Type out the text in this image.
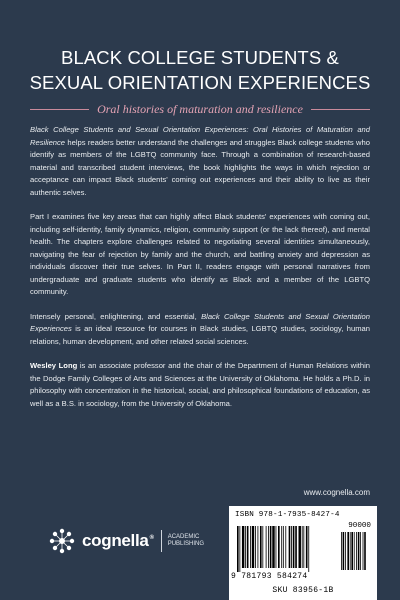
BLACK COLLEGE STUDENTS &
SEXUAL ORIENTATION EXPERIENCES
Oral histories of maturation and resilience

Black College Students and Sexual Orientation Experiences: Oral Histories of Maturation and Resilience helps readers better understand the challenges and struggles Black college students who identify as members of the LGBTQ community face. Through a combination of research-based material and transcribed student interviews, the book highlights the ways in which rejection or acceptance can impact Black students' coming out experiences and their ability to live as their authentic selves.

Part I examines five key areas that can highly affect Black students' experiences with coming out, including self-identity, family dynamics, religion, community support (or the lack thereof), and mental health. The chapters explore challenges related to negotiating several identities simultaneously, navigating the fear of rejection by family and the church, and battling anxiety and depression as individuals discover their true selves. In Part II, readers engage with personal narratives from undergraduate and graduate students who identify as Black and a member of the LGBTQ community.

Intensely personal, enlightening, and essential, Black College Students and Sexual Orientation Experiences is an ideal resource for courses in Black studies, LGBTQ studies, sociology, human relations, human development, and other related social sciences.

Wesley Long is an associate professor and the chair of the Department of Human Relations within the Dodge Family Colleges of Arts and Sciences at the University of Oklahoma. He holds a Ph.D. in philosophy with concentration in the historical, social, and philosophical foundations of education, as well as a B.S. in sociology, from the University of Oklahoma.

www.cognella.com
cognella® ACADEMIC
PUBLISHING
ISBN 978-1-7935-8427-4
90000
9 781793 584274
SKU 83956-1B
